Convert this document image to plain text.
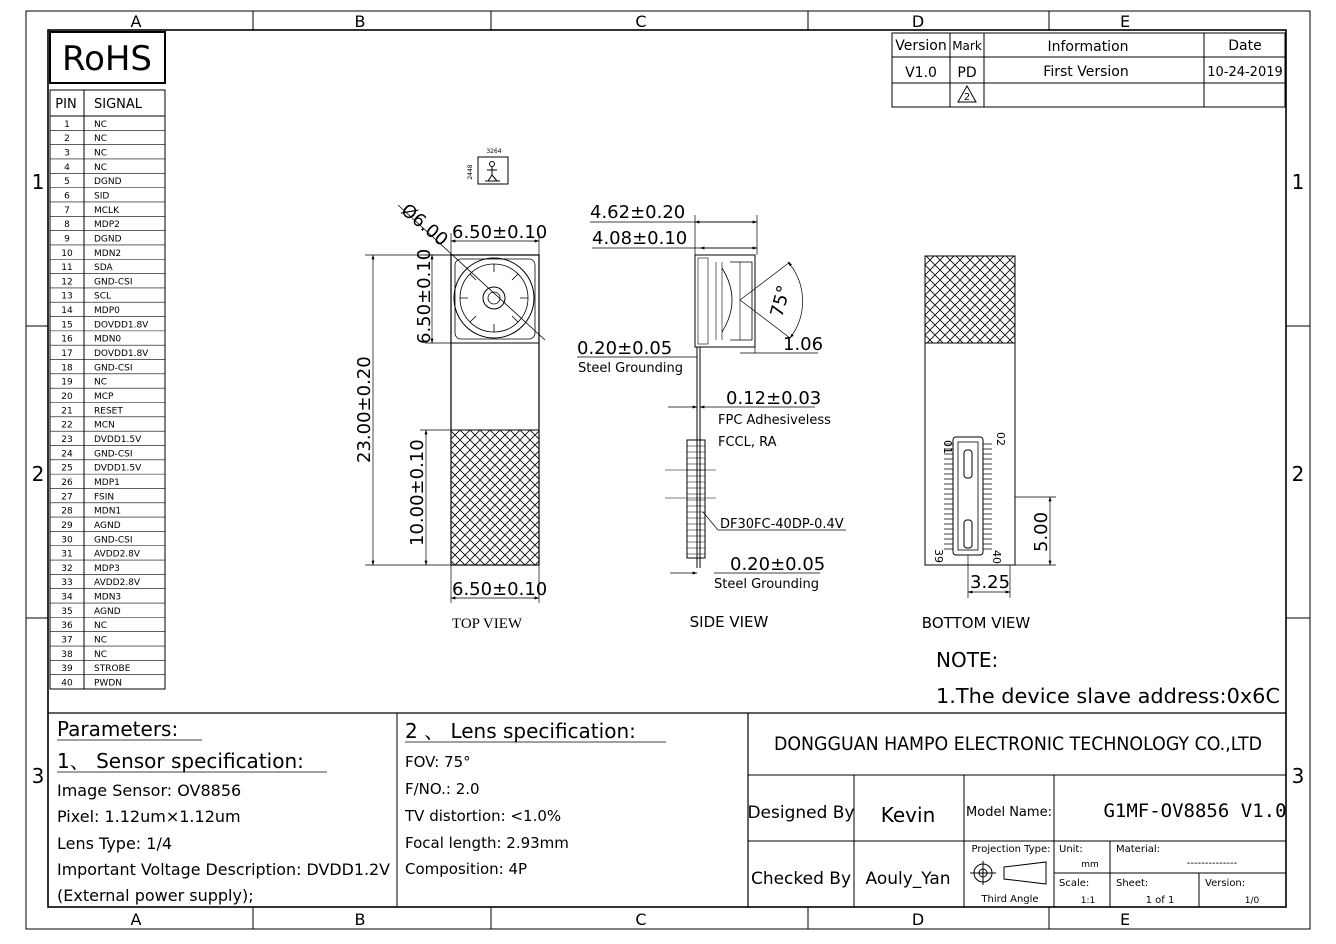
A	B	C	D	E
A	B	C	D	E
1
2
3
1
2
3
RoHS
PIN SIGNAL
1	NC
2	NC
3	NC
4	NC
5	DGND
6	SID
7	MCLK
8	MDP2
9	DGND
10 MDN2
11 SDA
12 GND-CSI
13 SCL
14 MDP0
15 DOVDD1.8V
16 MDN0
17 DOVDD1.8V
18 GND-CSI
19 NC
20 MCP
21 RESET
22 MCN
23 DVDD1.5V
24 GND-CSI
25 DVDD1.5V
26 MDP1
27 FSIN
28 MDN1
29 AGND
30 GND-CSI
31 AVDD2.8V
32 MDP3
33 AVDD2.8V
34 MDN3
35 AGND
36 NC
37 NC
38 NC
39 STROBE
40 PWDN
Version Mark	Information	Date
V1.0 PD	First Version	10-24-2019
2
3264
2448
Ø6.00 6.50±0.10
6.50±0.10
23.00±0.20
10.00±0.10
6.50±0.10
TOP VIEW
4.62±0.20
4.08±0.10
75°
0.20±0.05
Steel Grounding
1.06
0.12±0.03
FPC Adhesiveless
FCCL, RA
DF30FC-40DP-0.4V
0.20±0.05
Steel Grounding
SIDE VIEW
01
02
39	40
5.00
3.25
BOTTOM VIEW
NOTE:
1.The device slave address:0x6C
Parameters:
1、 Sensor specification:
Image Sensor: OV8856
Pixel: 1.12um×1.12um
Lens Type: 1/4
Important Voltage Description: DVDD1.2V
(External power supply);
2 、 Lens specification:
FOV: 75°
F/NO.: 2.0
TV distortion: <1.0%
Focal length: 2.93mm
Composition: 4P
DONGGUAN HAMPO ELECTRONIC TECHNOLOGY CO.,LTD
Designed By Kevin
Checked By Aouly_Yan
Model Name:	G1MF-OV8856 V1.0
Projection Type:
Third Angle
Unit:
mm
Material:
--------------
Scale:
1:1
Sheet:
1 of 1
Version:
1/0
